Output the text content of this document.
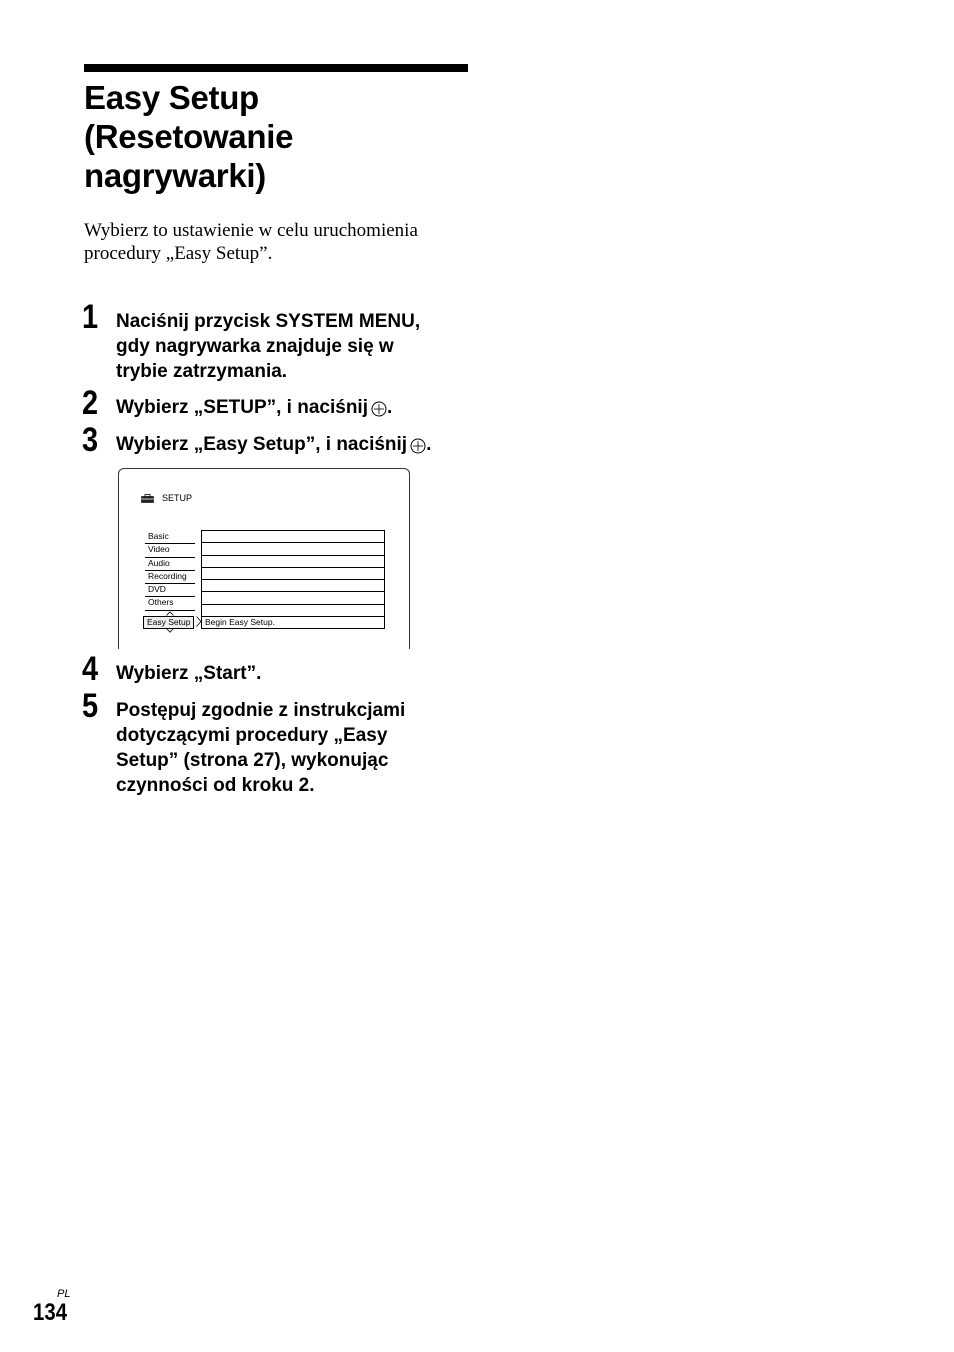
Easy Setup
(Resetowanie
nagrywarki)

Wybierz to ustawienie w celu uruchomienia
procedury „Easy Setup”.

1 Naciśnij przycisk SYSTEM MENU,
gdy nagrywarka znajduje się w
trybie zatrzymania.
2 Wybierz „SETUP”, i naciśnij .
3 Wybierz „Easy Setup”, i naciśnij .
SETUP
Basic
Video
Audio
Recording
DVD
Others
Easy Setup	Begin Easy Setup.
4 Wybierz „Start”.
5 Postępuj zgodnie z instrukcjami
dotyczącymi procedury „Easy
Setup” (strona 27), wykonując
czynności od kroku 2.
PL
134
